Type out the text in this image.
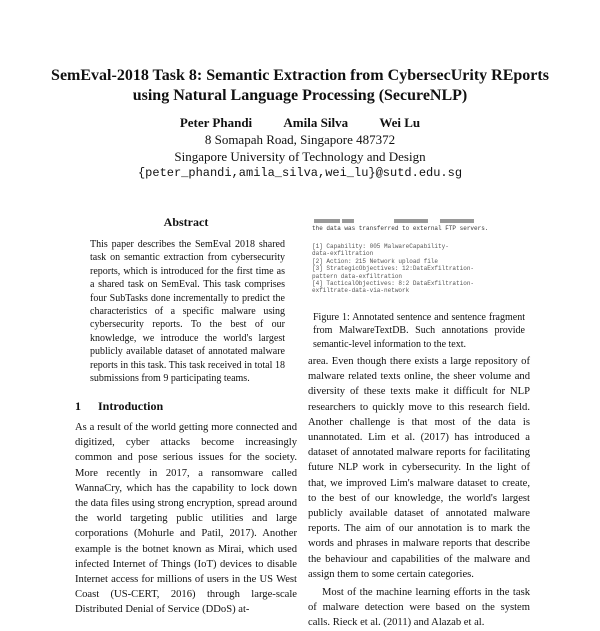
SemEval-2018 Task 8: Semantic Extraction from CybersecUrity REports
using Natural Language Processing (SecureNLP)
Peter Phandi Amila Silva Wei Lu
8 Somapah Road, Singapore 487372
Singapore University of Technology and Design
{peter_phandi,amila_silva,wei_lu}@sutd.edu.sg
Abstract
This paper describes the SemEval 2018 shared task on semantic extraction from cybersecurity reports, which is introduced for the first time as a shared task on SemEval. This task comprises four SubTasks done incrementally to predict the characteristics of a specific malware using cybersecurity reports. To the best of our knowledge, we introduce the world's largest publicly available dataset of annotated malware reports in this task. This task received in total 18 submissions from 9 participating teams.
1 Introduction
As a result of the world getting more connected and digitized, cyber attacks become increasingly common and pose serious issues for the society. More recently in 2017, a ransomware called WannaCry, which has the capability to lock down the data files using strong encryption, spread around the world targeting public utilities and large corporations (Mohurle and Patil, 2017). Another example is the botnet known as Mirai, which used infected Internet of Things (IoT) devices to disable Internet access for millions of users in the US West Coast (US-CERT, 2016) through large-scale Distributed Denial of Service (DDoS) at-
the data was transferred to external FTP servers.
[1] Capability: 005 MalwareCapability-
data-exfiltration
[2] Action: 215 Network upload file
[3] StrategicObjectives: 12:DataExfiltration-
pattern data-exfiltration
[4] TacticalObjectives: 8:2 DataExfiltration-
exfiltrate-data-via-network
Figure 1: Annotated sentence and sentence fragment from MalwareTextDB. Such annotations provide semantic-level information to the text.

area. Even though there exists a large repository of malware related texts online, the sheer volume and diversity of these texts make it difficult for NLP researchers to quickly move to this research field. Another challenge is that most of the data is unannotated. Lim et al. (2017) has introduced a dataset of annotated malware reports for facilitating future NLP work in cybersecurity. In the light of that, we improved Lim's malware dataset to create, to the best of our knowledge, the world's largest publicly available dataset of annotated malware reports. The aim of our annotation is to mark the words and phrases in malware reports that describe the behaviour and capabilities of the malware and assign them to some certain categories.

Most of the machine learning efforts in the task of malware detection were based on the system calls. Rieck et al. (2011) and Alazab et al.
